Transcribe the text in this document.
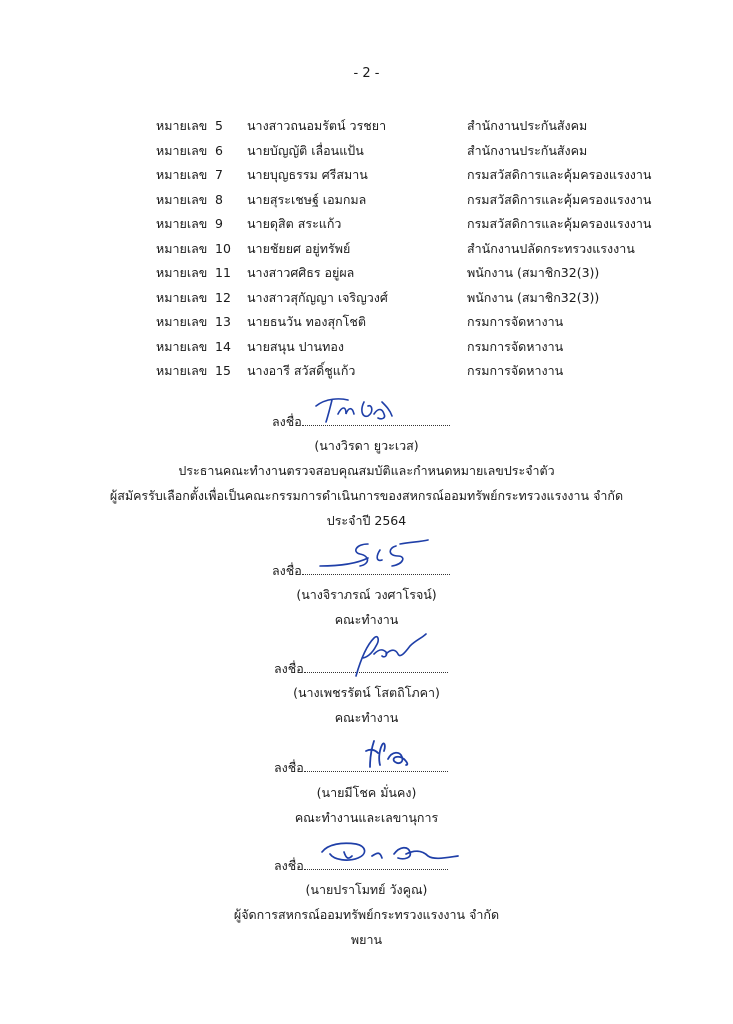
- 2 -
หมายเลข 5 นางสาวถนอมรัตน์ วรชยา	สำนักงานประกันสังคม
หมายเลข 6 นายบัญญัติ เลื่อนแป้น	สำนักงานประกันสังคม
หมายเลข 7 นายบุญธรรม ศรีสมาน	กรมสวัสดิการและคุ้มครองแรงงาน
หมายเลข 8 นายสุระเชษฐ์ เอมกมล	กรมสวัสดิการและคุ้มครองแรงงาน
หมายเลข 9 นายดุสิต สระแก้ว	กรมสวัสดิการและคุ้มครองแรงงาน
หมายเลข 10 นายชัยยศ อยู่ทรัพย์	สำนักงานปลัดกระทรวงแรงงาน
หมายเลข 11 นางสาวศศิธร อยู่ผล	พนักงาน (สมาชิก32(3))
หมายเลข 12 นางสาวสุกัญญา เจริญวงศ์	พนักงาน (สมาชิก32(3))
หมายเลข 13 นายธนวัน ทองสุกโชติ	กรมการจัดหางาน
หมายเลข 14 นายสนุน ปานทอง	กรมการจัดหางาน
หมายเลข 15 นางอารี สวัสดิ์ชูแก้ว	กรมการจัดหางาน
ลงชื่อ
(นางวิรดา ยูวะเวส)
ประธานคณะทำงานตรวจสอบคุณสมบัติและกำหนดหมายเลขประจำตัว
ผู้สมัครรับเลือกตั้งเพื่อเป็นคณะกรรมการดำเนินการของสหกรณ์ออมทรัพย์กระทรวงแรงงาน จำกัด
ประจำปี 2564
ลงชื่อ
(นางจิราภรณ์ วงศาโรจน์)
คณะทำงาน
ลงชื่อ
(นางเพชรรัตน์ โสตถิโภคา)
คณะทำงาน
ลงชื่อ
(นายมีโชค มั่นคง)
คณะทำงานและเลขานุการ
ลงชื่อ
(นายปราโมทย์ วังคูณ)
ผู้จัดการสหกรณ์ออมทรัพย์กระทรวงแรงงาน จำกัด
พยาน
